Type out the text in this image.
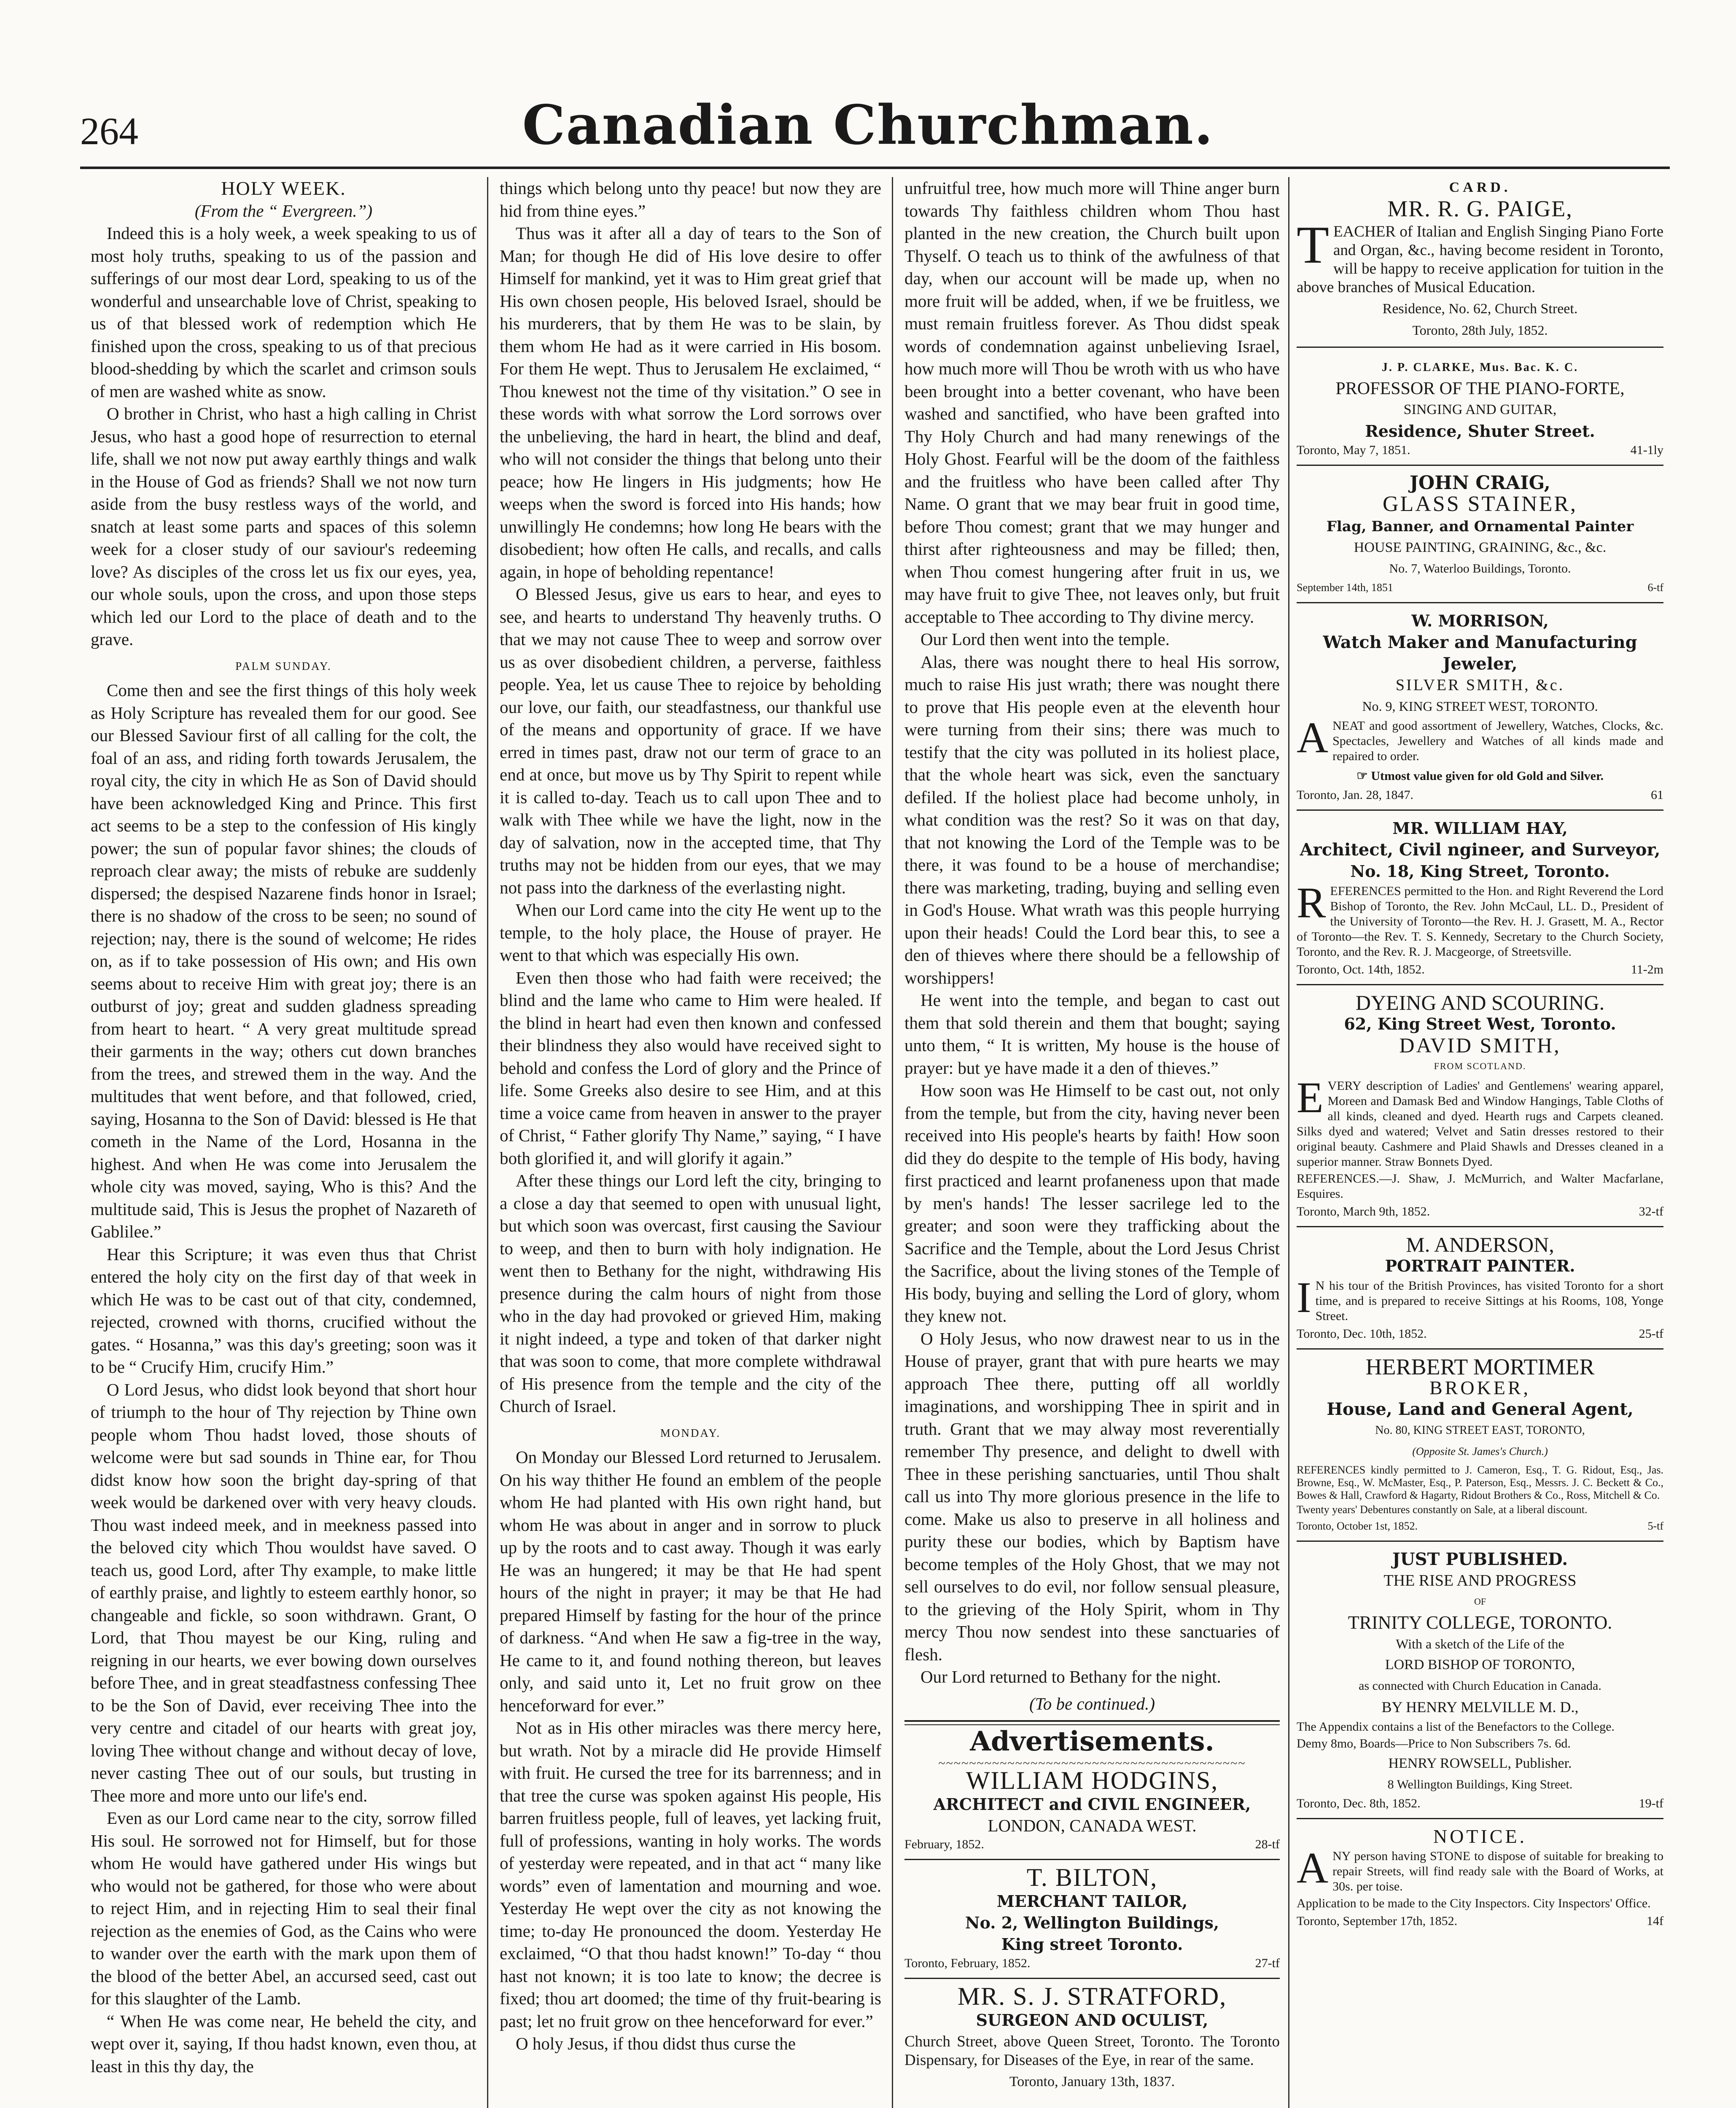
264	Canadian Churchman.
HOLY WEEK.
(From the “ Evergreen.”)

Indeed this is a holy week, a week speaking to us of most holy truths, speaking to us of the passion and sufferings of our most dear Lord, speaking to us of the wonderful and unsearchable love of Christ, speaking to us of that blessed work of redemption which He finished upon the cross, speaking to us of that precious blood-shedding by which the scarlet and crimson souls of men are washed white as snow.

O brother in Christ, who hast a high calling in Christ Jesus, who hast a good hope of resurrection to eternal life, shall we not now put away earthly things and walk in the House of God as friends? Shall we not now turn aside from the busy restless ways of the world, and snatch at least some parts and spaces of this solemn week for a closer study of our saviour's redeeming love? As disciples of the cross let us fix our eyes, yea, our whole souls, upon the cross, and upon those steps which led our Lord to the place of death and to the grave.

PALM SUNDAY.

Come then and see the first things of this holy week as Holy Scripture has revealed them for our good. See our Blessed Saviour first of all calling for the colt, the foal of an ass, and riding forth towards Jerusalem, the royal city, the city in which He as Son of David should have been acknowledged King and Prince. This first act seems to be a step to the confession of His kingly power; the sun of popular favor shines; the clouds of reproach clear away; the mists of rebuke are suddenly dispersed; the despised Nazarene finds honor in Israel; there is no shadow of the cross to be seen; no sound of rejection; nay, there is the sound of welcome; He rides on, as if to take possession of His own; and His own seems about to receive Him with great joy; there is an outburst of joy; great and sudden gladness spreading from heart to heart. “ A very great multitude spread their garments in the way; others cut down branches from the trees, and strewed them in the way. And the multitudes that went before, and that followed, cried, saying, Hosanna to the Son of David: blessed is He that cometh in the Name of the Lord, Hosanna in the highest. And when He was come into Jerusalem the whole city was moved, saying, Who is this? And the multitude said, This is Jesus the prophet of Nazareth of Gablilee.”

Hear this Scripture; it was even thus that Christ entered the holy city on the first day of that week in which He was to be cast out of that city, condemned, rejected, crowned with thorns, crucified without the gates. “ Hosanna,” was this day's greeting; soon was it to be “ Crucify Him, crucify Him.”

O Lord Jesus, who didst look beyond that short hour of triumph to the hour of Thy rejection by Thine own people whom Thou hadst loved, those shouts of welcome were but sad sounds in Thine ear, for Thou didst know how soon the bright day-spring of that week would be darkened over with very heavy clouds. Thou wast indeed meek, and in meekness passed into the beloved city which Thou wouldst have saved. O teach us, good Lord, after Thy example, to make little of earthly praise, and lightly to esteem earthly honor, so changeable and fickle, so soon withdrawn. Grant, O Lord, that Thou mayest be our King, ruling and reigning in our hearts, we ever bowing down ourselves before Thee, and in great steadfastness confessing Thee to be the Son of David, ever receiving Thee into the very centre and citadel of our hearts with great joy, loving Thee without change and without decay of love, never casting Thee out of our souls, but trusting in Thee more and more unto our life's end.

Even as our Lord came near to the city, sorrow filled His soul. He sorrowed not for Himself, but for those whom He would have gathered under His wings but who would not be gathered, for those who were about to reject Him, and in rejecting Him to seal their final rejection as the enemies of God, as the Cains who were to wander over the earth with the mark upon them of the blood of the better Abel, an accursed seed, cast out for this slaughter of the Lamb.

“ When He was come near, He beheld the city, and wept over it, saying, If thou hadst known, even thou, at least in this thy day, the

things which belong unto thy peace! but now they are hid from thine eyes.”

Thus was it after all a day of tears to the Son of Man; for though He did of His love desire to offer Himself for mankind, yet it was to Him great grief that His own chosen people, His beloved Israel, should be his murderers, that by them He was to be slain, by them whom He had as it were carried in His bosom. For them He wept. Thus to Jerusalem He exclaimed, “ Thou knewest not the time of thy visitation.” O see in these words with what sorrow the Lord sorrows over the unbelieving, the hard in heart, the blind and deaf, who will not consider the things that belong unto their peace; how He lingers in His judgments; how He weeps when the sword is forced into His hands; how unwillingly He condemns; how long He bears with the disobedient; how often He calls, and recalls, and calls again, in hope of beholding repentance!

O Blessed Jesus, give us ears to hear, and eyes to see, and hearts to understand Thy heavenly truths. O that we may not cause Thee to weep and sorrow over us as over disobedient children, a perverse, faithless people. Yea, let us cause Thee to rejoice by beholding our love, our faith, our steadfastness, our thankful use of the means and opportunity of grace. If we have erred in times past, draw not our term of grace to an end at once, but move us by Thy Spirit to repent while it is called to-day. Teach us to call upon Thee and to walk with Thee while we have the light, now in the day of salvation, now in the accepted time, that Thy truths may not be hidden from our eyes, that we may not pass into the darkness of the everlasting night.

When our Lord came into the city He went up to the temple, to the holy place, the House of prayer. He went to that which was especially His own.

Even then those who had faith were received; the blind and the lame who came to Him were healed. If the blind in heart had even then known and confessed their blindness they also would have received sight to behold and confess the Lord of glory and the Prince of life. Some Greeks also desire to see Him, and at this time a voice came from heaven in answer to the prayer of Christ, “ Father glorify Thy Name,” saying, “ I have both glorified it, and will glorify it again.”

After these things our Lord left the city, bringing to a close a day that seemed to open with unusual light, but which soon was overcast, first causing the Saviour to weep, and then to burn with holy indignation. He went then to Bethany for the night, withdrawing His presence during the calm hours of night from those who in the day had provoked or grieved Him, making it night indeed, a type and token of that darker night that was soon to come, that more complete withdrawal of His presence from the temple and the city of the Church of Israel.

MONDAY.

On Monday our Blessed Lord returned to Jerusalem. On his way thither He found an emblem of the people whom He had planted with His own right hand, but whom He was about in anger and in sorrow to pluck up by the roots and to cast away. Though it was early He was an hungered; it may be that He had spent hours of the night in prayer; it may be that He had prepared Himself by fasting for the hour of the prince of darkness. “And when He saw a fig-tree in the way, He came to it, and found nothing thereon, but leaves only, and said unto it, Let no fruit grow on thee henceforward for ever.”

Not as in His other miracles was there mercy here, but wrath. Not by a miracle did He provide Himself with fruit. He cursed the tree for its barrenness; and in that tree the curse was spoken against His people, His barren fruitless people, full of leaves, yet lacking fruit, full of professions, wanting in holy works. The words of yesterday were repeated, and in that act “ many like words” even of lamentation and mourning and woe. Yesterday He wept over the city as not knowing the time; to-day He pronounced the doom. Yesterday He exclaimed, “O that thou hadst known!” To-day “ thou hast not known; it is too late to know; the decree is fixed; thou art doomed; the time of thy fruit-bearing is past; let no fruit grow on thee henceforward for ever.”

O holy Jesus, if thou didst thus curse the

unfruitful tree, how much more will Thine anger burn towards Thy faithless children whom Thou hast planted in the new creation, the Church built upon Thyself. O teach us to think of the awfulness of that day, when our account will be made up, when no more fruit will be added, when, if we be fruitless, we must remain fruitless forever. As Thou didst speak words of condemnation against unbelieving Israel, how much more will Thou be wroth with us who have been brought into a better covenant, who have been washed and sanctified, who have been grafted into Thy Holy Church and had many renewings of the Holy Ghost. Fearful will be the doom of the faithless and the fruitless who have been called after Thy Name. O grant that we may bear fruit in good time, before Thou comest; grant that we may hunger and thirst after righteousness and may be filled; then, when Thou comest hungering after fruit in us, we may have fruit to give Thee, not leaves only, but fruit acceptable to Thee according to Thy divine mercy.

Our Lord then went into the temple.

Alas, there was nought there to heal His sorrow, much to raise His just wrath; there was nought there to prove that His people even at the eleventh hour were turning from their sins; there was much to testify that the city was polluted in its holiest place, that the whole heart was sick, even the sanctuary defiled. If the holiest place had become unholy, in what condition was the rest? So it was on that day, that not knowing the Lord of the Temple was to be there, it was found to be a house of merchandise; there was marketing, trading, buying and selling even in God's House. What wrath was this people hurrying upon their heads! Could the Lord bear this, to see a den of thieves where there should be a fellowship of worshippers!

He went into the temple, and began to cast out them that sold therein and them that bought; saying unto them, “ It is written, My house is the house of prayer: but ye have made it a den of thieves.”

How soon was He Himself to be cast out, not only from the temple, but from the city, having never been received into His people's hearts by faith! How soon did they do despite to the temple of His body, having first practiced and learnt profaneness upon that made by men's hands! The lesser sacrilege led to the greater; and soon were they trafficking about the Sacrifice and the Temple, about the Lord Jesus Christ the Sacrifice, about the living stones of the Temple of His body, buying and selling the Lord of glory, whom they knew not.

O Holy Jesus, who now drawest near to us in the House of prayer, grant that with pure hearts we may approach Thee there, putting off all worldly imaginations, and worshipping Thee in spirit and in truth. Grant that we may alway most reverentially remember Thy presence, and delight to dwell with Thee in these perishing sanctuaries, until Thou shalt call us into Thy more glorious presence in the life to come. Make us also to preserve in all holiness and purity these our bodies, which by Baptism have become temples of the Holy Ghost, that we may not sell ourselves to do evil, nor follow sensual pleasure, to the grieving of the Holy Spirit, whom in Thy mercy Thou now sendest into these sanctuaries of flesh.

Our Lord returned to Bethany for the night.

(To be continued.)
Advertisements.
~~~~~~~~~~~~~~~~~~~~~~~~~~~~~~~~~~~~~~~~
WILLIAM HODGINS,
ARCHITECT and CIVIL ENGINEER,
LONDON, CANADA WEST.
February, 1852.	28-tf
T. BILTON,
MERCHANT TAILOR,
No. 2, Wellington Buildings,
King street Toronto.
Toronto, February, 1852.	27-tf
MR. S. J. STRATFORD,
SURGEON AND OCULIST,
Church Street, above Queen Street, Toronto. The Toronto Dispensary, for Diseases of the Eye, in rear of the same.
Toronto, January 13th, 1837.
CARD.
MR. R. G. PAIGE,
TEACHER of Italian and English Singing Piano Forte and Organ, &c., having become resident in Toronto, will be happy to receive application for tuition in the above branches of Musical Education.
Residence, No. 62, Church Street.
Toronto, 28th July, 1852.
J. P. CLARKE, Mus. Bac. K. C.
PROFESSOR OF THE PIANO-FORTE,
SINGING AND GUITAR,
Residence, Shuter Street.
Toronto, May 7, 1851.	41-1ly
JOHN CRAIG,
GLASS STAINER,
Flag, Banner, and Ornamental Painter
HOUSE PAINTING, GRAINING, &c., &c.
No. 7, Waterloo Buildings, Toronto.
September 14th, 1851	6-tf
W. MORRISON,
Watch Maker and Manufacturing Jeweler,
SILVER SMITH, &c.
No. 9, KING STREET WEST, TORONTO.
ANEAT and good assortment of Jewellery, Watches, Clocks, &c. Spectacles, Jewellery and Watches of all kinds made and repaired to order.
☞ Utmost value given for old Gold and Silver.
Toronto, Jan. 28, 1847.	61
MR. WILLIAM HAY,
Architect, Civil ngineer, and Surveyor,
No. 18, King Street, Toronto.
REFERENCES permitted to the Hon. and Right Reverend the Lord Bishop of Toronto, the Rev. John McCaul, LL. D., President of the University of Toronto—the Rev. H. J. Grasett, M. A., Rector of Toronto—the Rev. T. S. Kennedy, Secretary to the Church Society, Toronto, and the Rev. R. J. Macgeorge, of Streetsville.
Toronto, Oct. 14th, 1852.	11-2m
DYEING AND SCOURING.
62, King Street West, Toronto.
DAVID SMITH,
FROM SCOTLAND.
EVERY description of Ladies' and Gentlemens' wearing apparel, Moreen and Damask Bed and Window Hangings, Table Cloths of all kinds, cleaned and dyed. Hearth rugs and Carpets cleaned. Silks dyed and watered; Velvet and Satin dresses restored to their original beauty. Cashmere and Plaid Shawls and Dresses cleaned in a superior manner. Straw Bonnets Dyed.
REFERENCES.—J. Shaw, J. McMurrich, and Walter Macfarlane, Esquires.
Toronto, March 9th, 1852.	32-tf
M. ANDERSON,
PORTRAIT PAINTER.
I N his tour of the British Provinces, has visited Toronto for a short time, and is prepared to receive Sittings at his Rooms, 108, Yonge Street.
Toronto, Dec. 10th, 1852.	25-tf
HERBERT MORTIMER
BROKER,
House, Land and General Agent,
No. 80, KING STREET EAST, TORONTO,
(Opposite St. James's Church.)
REFERENCES kindly permitted to J. Cameron, Esq., T. G. Ridout, Esq., Jas. Browne, Esq., W. McMaster, Esq., P. Paterson, Esq., Messrs. J. C. Beckett & Co., Bowes & Hall, Crawford & Hagarty, Ridout Brothers & Co., Ross, Mitchell & Co.
Twenty years' Debentures constantly on Sale, at a liberal discount.
Toronto, October 1st, 1852.	5-tf
JUST PUBLISHED.
THE RISE AND PROGRESS
OF
TRINITY COLLEGE, TORONTO.
With a sketch of the Life of the
LORD BISHOP OF TORONTO,
as connected with Church Education in Canada.
BY HENRY MELVILLE M. D.,
The Appendix contains a list of the Benefactors to the College.
Demy 8mo, Boards—Price to Non Subscribers 7s. 6d.
HENRY ROWSELL, Publisher.
8 Wellington Buildings, King Street.
Toronto, Dec. 8th, 1852.	19-tf
NOTICE.
ANY person having STONE to dispose of suitable for breaking to repair Streets, will find ready sale with the Board of Works, at 30s. per toise.
Application to be made to the City Inspectors. City Inspectors' Office.
Toronto, September 17th, 1852.	14f
